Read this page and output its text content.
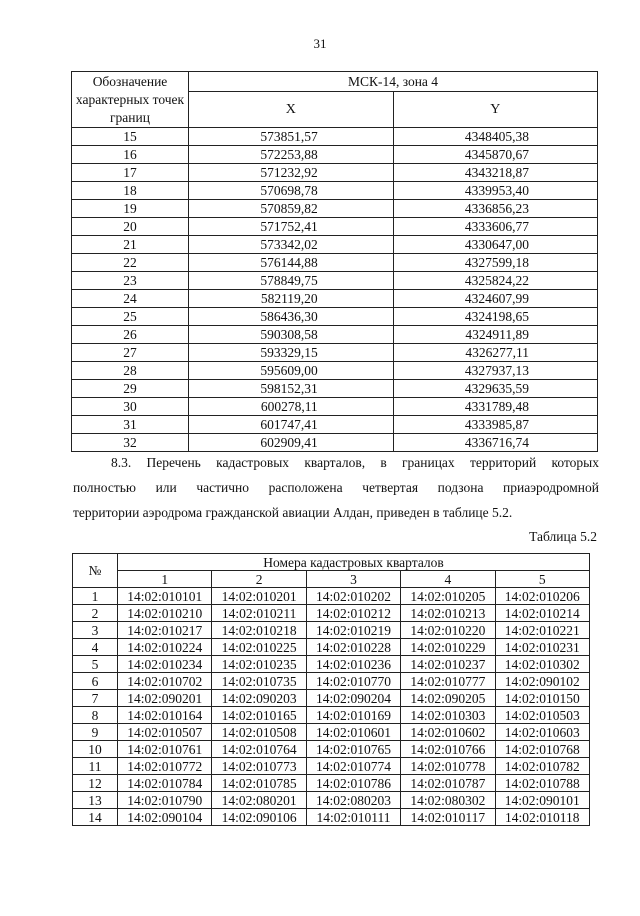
31
Обозначение характерных точек границ	МСК-14, зона 4	
	X	Y
15	573851,57	4348405,38
16	572253,88	4345870,67
17	571232,92	4343218,87
18	570698,78	4339953,40
19	570859,82	4336856,23
20	571752,41	4333606,77
21	573342,02	4330647,00
22	576144,88	4327599,18
23	578849,75	4325824,22
24	582119,20	4324607,99
25	586436,30	4324198,65
26	590308,58	4324911,89
27	593329,15	4326277,11
28	595609,00	4327937,13
29	598152,31	4329635,59
30	600278,11	4331789,48
31	601747,41	4333985,87
32	602909,41	4336716,74
8.3. Перечень кадастровых кварталов, в границах территорий которых
полностью или частично расположена четвертая подзона приаэродромной
территории аэродрома гражданской авиации Алдан, приведен в таблице 5.2.
Таблица 5.2
№	Номера кадастровых кварталов				
	1	2	3	4	5
1	14:02:010101	14:02:010201	14:02:010202	14:02:010205	14:02:010206
2	14:02:010210	14:02:010211	14:02:010212	14:02:010213	14:02:010214
3	14:02:010217	14:02:010218	14:02:010219	14:02:010220	14:02:010221
4	14:02:010224	14:02:010225	14:02:010228	14:02:010229	14:02:010231
5	14:02:010234	14:02:010235	14:02:010236	14:02:010237	14:02:010302
6	14:02:010702	14:02:010735	14:02:010770	14:02:010777	14:02:090102
7	14:02:090201	14:02:090203	14:02:090204	14:02:090205	14:02:010150
8	14:02:010164	14:02:010165	14:02:010169	14:02:010303	14:02:010503
9	14:02:010507	14:02:010508	14:02:010601	14:02:010602	14:02:010603
10	14:02:010761	14:02:010764	14:02:010765	14:02:010766	14:02:010768
11	14:02:010772	14:02:010773	14:02:010774	14:02:010778	14:02:010782
12	14:02:010784	14:02:010785	14:02:010786	14:02:010787	14:02:010788
13	14:02:010790	14:02:080201	14:02:080203	14:02:080302	14:02:090101
14	14:02:090104	14:02:090106	14:02:010111	14:02:010117	14:02:010118
